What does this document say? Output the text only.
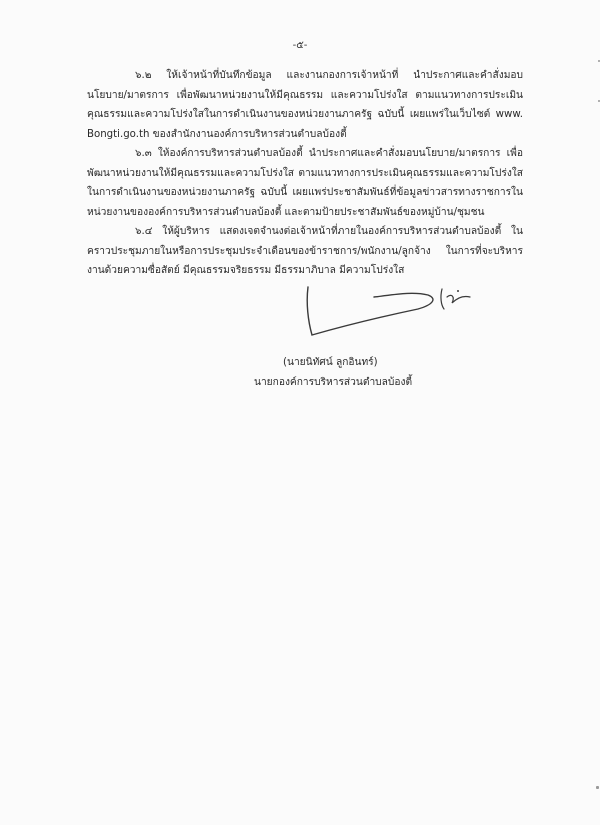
-๕-

๖.๒ ให้เจ้าหน้าที่บันทึกข้อมูล และงานกองการเจ้าหน้าที่ นำประกาศและคำสั่งมอบนโยบาย/มาตรการ เพื่อพัฒนาหน่วยงานให้มีคุณธรรม และความโปร่งใส ตามแนวทางการประเมินคุณธรรมและความโปร่งใสในการดำเนินงานของหน่วยงานภาครัฐ ฉบับนี้ เผยแพร่ในเว็บไซต์ www. Bongti.go.th ของสำนักงานองค์การบริหารส่วนตำบลบ้องตี้

๖.๓ ให้องค์การบริหารส่วนตำบลบ้องตี้ นำประกาศและคำสั่งมอบนโยบาย/มาตรการ เพื่อพัฒนาหน่วยงานให้มีคุณธรรมและความโปร่งใส ตามแนวทางการประเมินคุณธรรมและความโปร่งใสในการดำเนินงานของหน่วยงานภาครัฐ ฉบับนี้ เผยแพร่ประชาสัมพันธ์ที่ข้อมูลข่าวสารทางราชการในหน่วยงานขององค์การบริหารส่วนตำบลบ้องตี้ และตามป้ายประชาสัมพันธ์ของหมู่บ้าน/ชุมชน

๖.๔ ให้ผู้บริหาร แสดงเจตจำนงต่อเจ้าหน้าที่ภายในองค์การบริหารส่วนตำบลบ้องตี้ ในคราวประชุมภายในหรือการประชุมประจำเดือนของข้าราชการ/พนักงาน/ลูกจ้าง ในการที่จะบริหารงานด้วยความซื่อสัตย์ มีคุณธรรมจริยธรรม มีธรรมาภิบาล มีความโปร่งใส

(นายนิทัศน์ ลูกอินทร์)
นายกองค์การบริหารส่วนตำบลบ้องตี้
